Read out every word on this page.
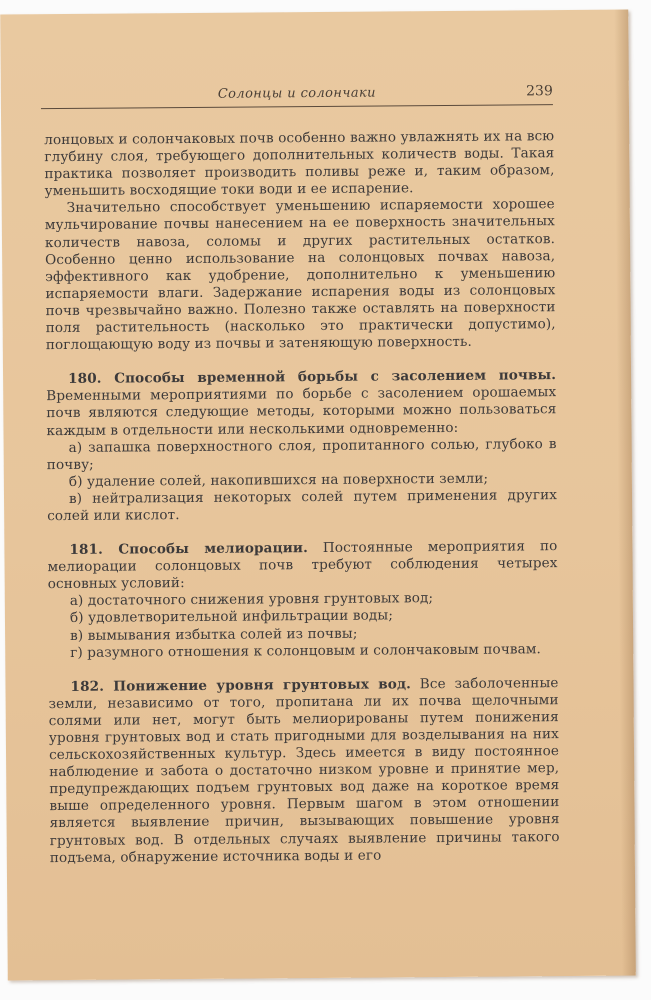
Солонцы и солончаки	239

лонцовых и солончаковых почв особенно важно увлажнять их на всю глубину слоя, требующего дополнительных количеств воды. Такая практика позволяет производить поливы реже и, таким образом, уменьшить восходящие токи води и ее испарение.

Значительно способствует уменьшению испаряемости хорошее мульчирование почвы нанесением на ее поверхность значительных количеств навоза, соломы и других растительных остатков. Особенно ценно использование на солонцовых почвах навоза, эффективного как удобрение, дополнительно к уменьшению испаряемости влаги. Задержание испарения воды из солонцовых почв чрезвычайно важно. Полезно также оставлять на поверхности поля растительность (насколько это практически допустимо), поглощающую воду из почвы и затеняющую поверхность.

180. Способы временной борьбы с засолением почвы. Временными мероприятиями по борьбе с засолением орошаемых почв являются следующие методы, которыми можно пользоваться каждым в отдельности или несколькими одновременно:

а) запашка поверхностного слоя, пропитанного солью, глубоко в почву;

б) удаление солей, накопившихся на поверхности земли;

в) нейтрализация некоторых солей путем применения других солей или кислот.

181. Способы мелиорации. Постоянные мероприятия по мелиорации солонцовых почв требуют соблюдения четырех основных условий:

а) достаточного снижения уровня грунтовых вод;

б) удовлетворительной инфильтрации воды;

в) вымывания избытка солей из почвы;

г) разумного отношения к солонцовым и солончаковым почвам.

182. Понижение уровня грунтовых вод. Все заболоченные земли, независимо от того, пропитана ли их почва щелочными солями или нет, могут быть мелиорированы путем понижения уровня грунтовых вод и стать пригодными для возделывания на них сельскохозяйственных культур. Здесь имеется в виду постоянное наблюдение и забота о достаточно низком уровне и принятие мер, предупреждающих подъем грунтовых вод даже на короткое время выше определенного уровня. Первым шагом в этом отношении является выявление причин, вызывающих повышение уровня грунтовых вод. В отдельных случаях выявление причины такого подъема, обнаружение источника воды и его
